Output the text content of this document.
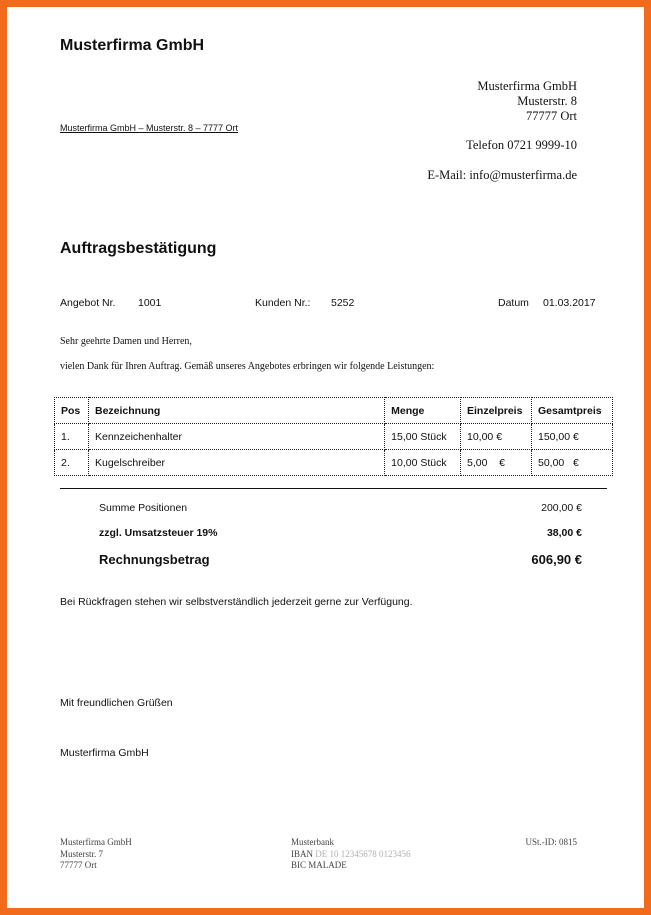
Musterfirma GmbH
Musterfirma GmbH
Musterstr. 8
77777 Ort
Telefon 0721 9999-10
E-Mail: info@musterfirma.de
Musterfirma GmbH – Musterstr. 8 – 7777 Ort
Auftragsbestätigung
Angebot Nr. 1001	Kunden Nr.: 5252	Datum 01.03.2017
Sehr geehrte Damen und Herren,
vielen Dank für Ihren Auftrag. Gemäß unseres Angebotes erbringen wir folgende Leistungen:
Pos	Bezeichnung	Menge	Einzelpreis	Gesamtpreis
1.	Kennzeichenhalter	15,00 Stück	10,00 €	150,00 €
2.	Kugelschreiber	10,00 Stück	5,00    €	50,00   €
Summe Positionen	200,00 €
zzgl. Umsatzsteuer 19%	38,00 €
Rechnungsbetrag	606,90 €
Bei Rückfragen stehen wir selbstverständlich jederzeit gerne zur Verfügung.
Mit freundlichen Grüßen
Musterfirma GmbH
Musterfirma GmbH
Musterstr. 7
77777 Ort
Musterbank
IBAN DE 10 12345678 0123456
BIC MALADE
USt.-ID: 0815
